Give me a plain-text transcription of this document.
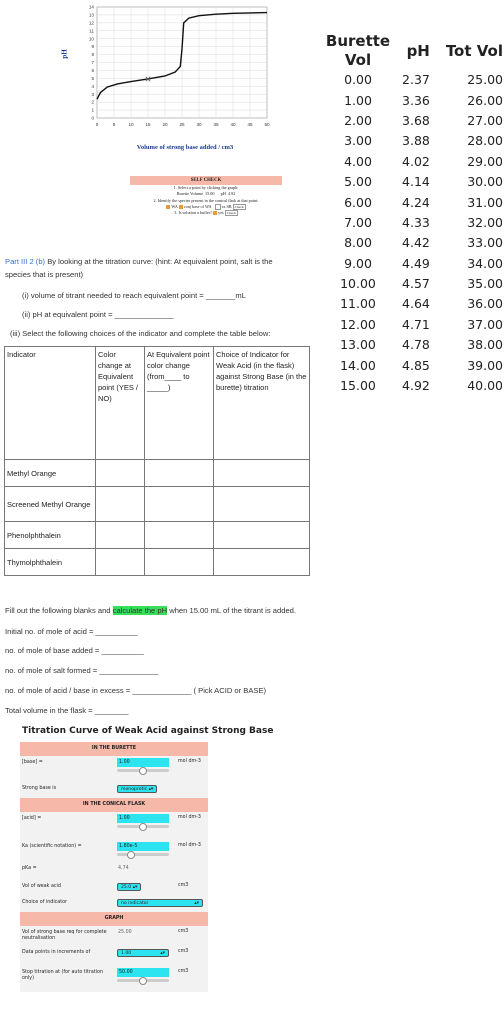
pH
0
1
2
3
4
5
6
7
8
9
10
11
12
13
14
0	5	10	15	20	25	30	35	40	45	50
Volume of strong base added / cm3
Burette Vol	pH	Tot Vol
0.00	2.37	25.00
1.00	3.36	26.00
2.00	3.68	27.00
3.00	3.88	28.00
4.00	4.02	29.00
5.00	4.14	30.00
6.00	4.24	31.00
7.00	4.33	32.00
8.00	4.42	33.00
9.00	4.49	34.00
10.00	4.57	35.00
11.00	4.64	36.00
12.00	4.71	37.00
13.00	4.78	38.00
14.00	4.85	39.00
15.00	4.92	40.00
SELF CHECK
1. Select a point by clicking the graph:
Burette Volume 15.00 pH 4.92
2. Identify the species present in the conical flask at that point:
WA conj base of WA xs SB Check
3. Is solution a buffer? yes Check
Part III 2 (b) By looking at the titration curve: (hint: At equivalent point, salt is the
species that is present)
(i) volume of titrant needed to reach equivalent point = _______mL
(ii) pH at equivalent point = ______________
(iii) Select the following choices of the indicator and complete the table below:
Indicator	Color change at Equivalent point (YES / NO)	At Equivalent point color change (from____ to _____)	Choice of Indicator for Weak Acid (in the flask) against Strong Base (in the burette) titration
Methyl Orange			
Screened Methyl Orange			
Phenolphthalein			
Thymolphthalein			
Fill out the following blanks and calculate the pH when 15.00 mL of the titrant is added.
Initial no. of mole of acid = __________
no. of mole of base added = __________
no. of mole of salt formed = ______________
no. of mole of acid / base in excess = ______________ ( Pick ACID or BASE)
Total volume in the flask = ________
Titration Curve of Weak Acid against Strong Base
IN THE BURETTE
[base] =	1.00	mol dm-3
Strong base is	monoprotic ▴▾
IN THE CONICAL FLASK
[acid] =	1.00	mol dm-3
Ka (scientific notation) =	1.80e-5	mol dm-3
pKa =	4.74
Vol of weak acid	25.0 ▴▾	cm3
Choice of indicator	no indicator	▴▾
GRAPH
Vol of strong base req for complete neutralisation
25.00	cm3
Data points in increments of	1.00	▴▾	cm3
Stop titration at (for auto titration only)
50.00	cm3
